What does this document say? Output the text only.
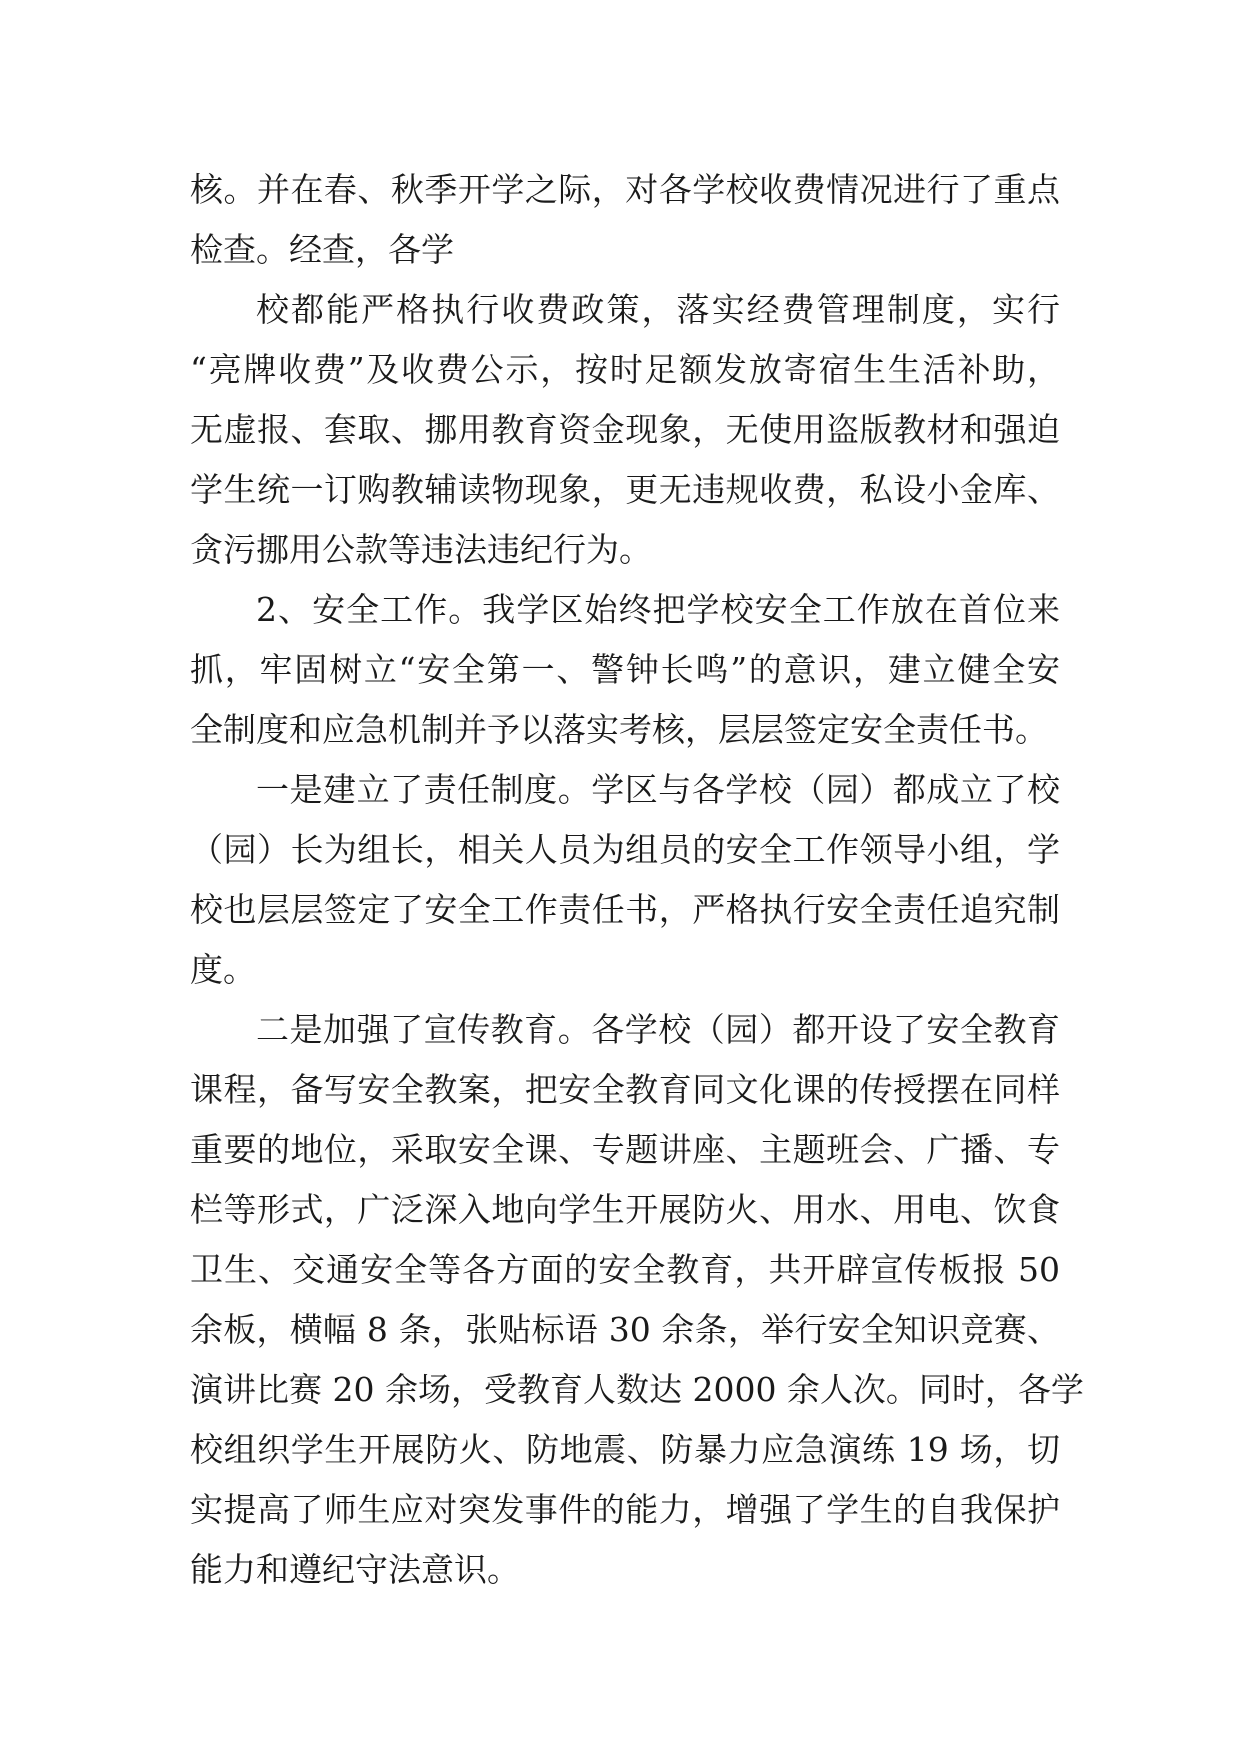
核。并在春、秋季开学之际，对各学校收费情况进行了重点
检查。经查，各学
校都能严格执行收费政策，落实经费管理制度，实行
“亮牌收费”及收费公示，按时足额发放寄宿生生活补助，
无虚报、套取、挪用教育资金现象，无使用盗版教材和强迫
学生统一订购教辅读物现象，更无违规收费，私设小金库、
贪污挪用公款等违法违纪行为。
2、安全工作。我学区始终把学校安全工作放在首位来
抓，牢固树立“安全第一、警钟长鸣”的意识，建立健全安
全制度和应急机制并予以落实考核，层层签定安全责任书。
一是建立了责任制度。学区与各学校（园）都成立了校
（园）长为组长，相关人员为组员的安全工作领导小组，学
校也层层签定了安全工作责任书，严格执行安全责任追究制
度。
二是加强了宣传教育。各学校（园）都开设了安全教育
课程，备写安全教案，把安全教育同文化课的传授摆在同样
重要的地位，采取安全课、专题讲座、主题班会、广播、专
栏等形式，广泛深入地向学生开展防火、用水、用电、饮食
卫生、交通安全等各方面的安全教育，共开辟宣传板报 50
余板，横幅 8 条，张贴标语 30 余条，举行安全知识竞赛、
演讲比赛 20 余场，受教育人数达 2000 余人次。同时，各学
校组织学生开展防火、防地震、防暴力应急演练 19 场，切
实提高了师生应对突发事件的能力，增强了学生的自我保护
能力和遵纪守法意识。
